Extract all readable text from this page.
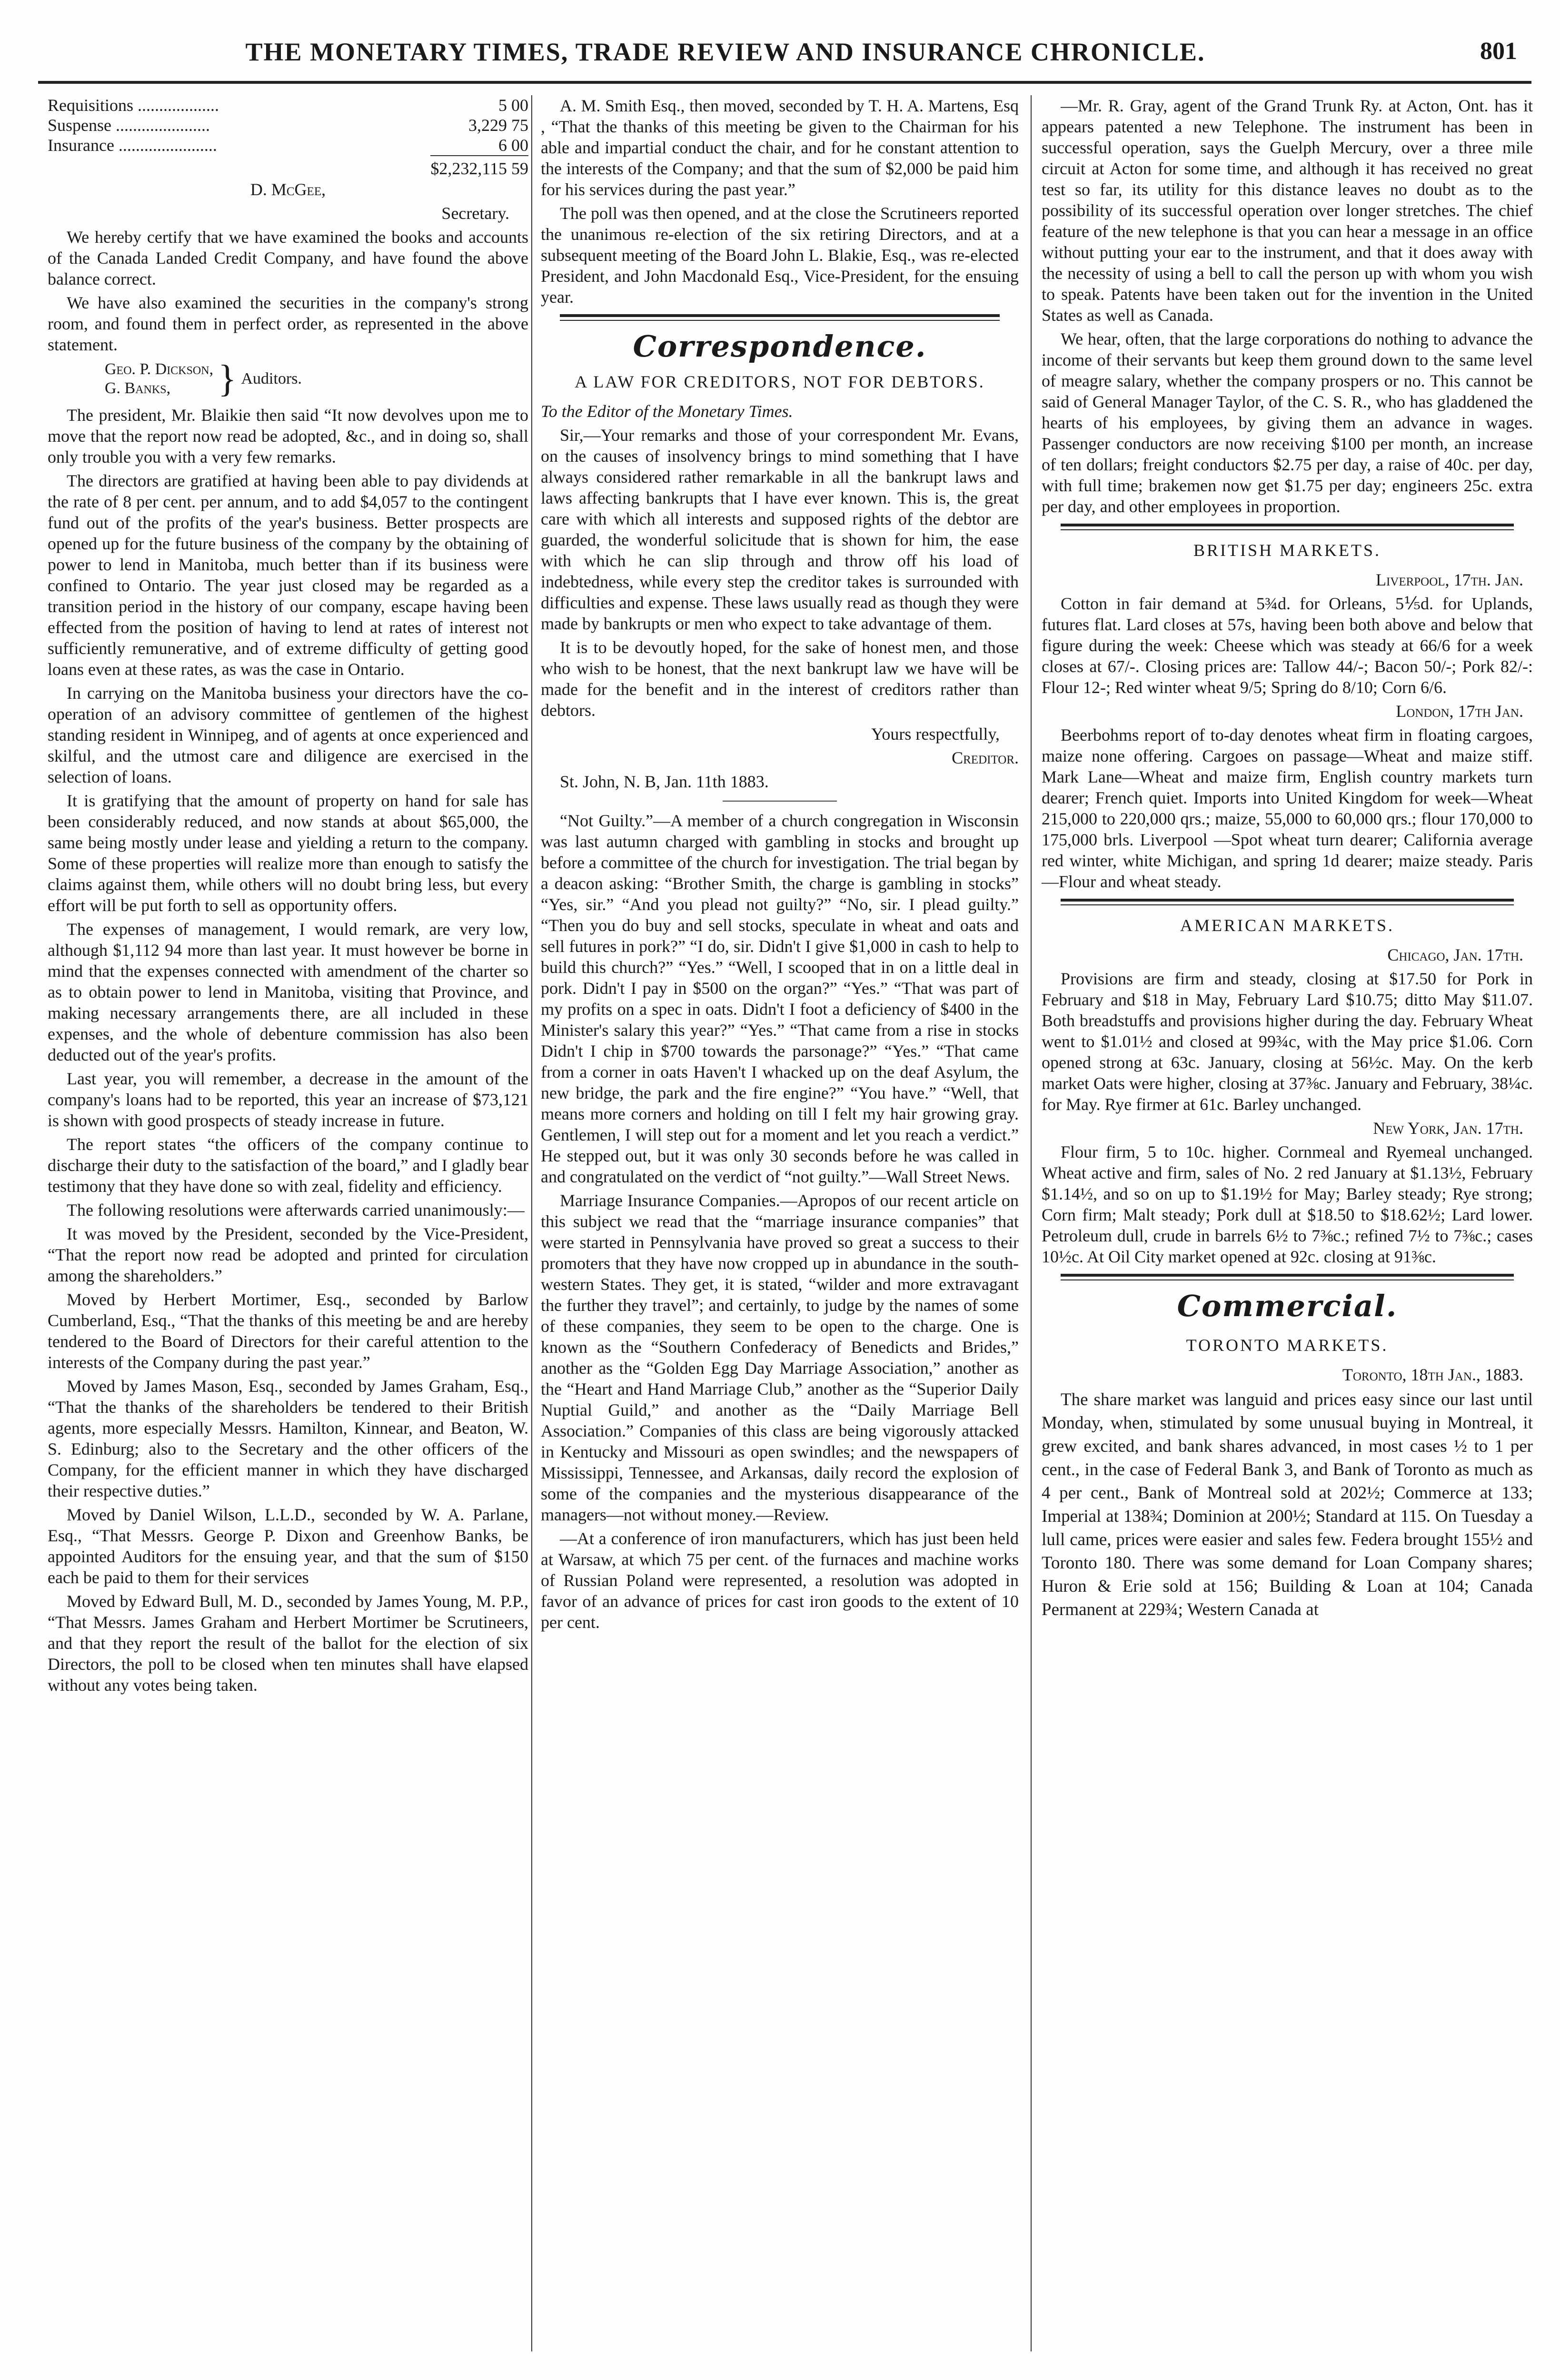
THE MONETARY TIMES, TRADE REVIEW AND INSURANCE CHRONICLE.	801
Requisitions ...................	5 00
Suspense ......................	3,229 75
Insurance .......................	6 00
$2,232,115 59

D. McGee,

Secretary.

We hereby certify that we have examined the books and accounts of the Canada Landed Credit Company, and have found the above balance correct.

We have also examined the securities in the company's strong room, and found them in perfect order, as represented in the above statement.

Geo. P. Dickson,
G. Banks,	} Auditors.

The president, Mr. Blaikie then said “It now devolves upon me to move that the report now read be adopted, &c., and in doing so, shall only trouble you with a very few remarks.

The directors are gratified at having been able to pay dividends at the rate of 8 per cent. per annum, and to add $4,057 to the contingent fund out of the profits of the year's business. Better prospects are opened up for the future business of the company by the obtaining of power to lend in Manitoba, much better than if its business were confined to Ontario. The year just closed may be regarded as a transition period in the history of our company, escape having been effected from the position of having to lend at rates of interest not sufficiently remunerative, and of extreme difficulty of getting good loans even at these rates, as was the case in Ontario.

In carrying on the Manitoba business your directors have the co-operation of an advisory committee of gentlemen of the highest standing resident in Winnipeg, and of agents at once experienced and skilful, and the utmost care and diligence are exercised in the selection of loans.

It is gratifying that the amount of property on hand for sale has been considerably reduced, and now stands at about $65,000, the same being mostly under lease and yielding a return to the company. Some of these properties will realize more than enough to satisfy the claims against them, while others will no doubt bring less, but every effort will be put forth to sell as opportunity offers.

The expenses of management, I would remark, are very low, although $1,112 94 more than last year. It must however be borne in mind that the expenses connected with amendment of the charter so as to obtain power to lend in Manitoba, visiting that Province, and making necessary arrangements there, are all included in these expenses, and the whole of debenture commission has also been deducted out of the year's profits.

Last year, you will remember, a decrease in the amount of the company's loans had to be reported, this year an increase of $73,121 is shown with good prospects of steady increase in future.

The report states “the officers of the company continue to discharge their duty to the satisfaction of the board,” and I gladly bear testimony that they have done so with zeal, fidelity and efficiency.

The following resolutions were afterwards carried unanimously:—

It was moved by the President, seconded by the Vice-President, “That the report now read be adopted and printed for circulation among the shareholders.”

Moved by Herbert Mortimer, Esq., seconded by Barlow Cumberland, Esq., “That the thanks of this meeting be and are hereby tendered to the Board of Directors for their careful attention to the interests of the Company during the past year.”

Moved by James Mason, Esq., seconded by James Graham, Esq., “That the thanks of the shareholders be tendered to their British agents, more especially Messrs. Hamilton, Kinnear, and Beaton, W. S. Edinburg; also to the Secretary and the other officers of the Company, for the efficient manner in which they have discharged their respective duties.”

Moved by Daniel Wilson, L.L.D., seconded by W. A. Parlane, Esq., “That Messrs. George P. Dixon and Greenhow Banks, be appointed Auditors for the ensuing year, and that the sum of $150 each be paid to them for their services

Moved by Edward Bull, M. D., seconded by James Young, M. P.P., “That Messrs. James Graham and Herbert Mortimer be Scrutineers, and that they report the result of the ballot for the election of six Directors, the poll to be closed when ten minutes shall have elapsed without any votes being taken.

A. M. Smith Esq., then moved, seconded by T. H. A. Martens, Esq , “That the thanks of this meeting be given to the Chairman for his able and impartial conduct the chair, and for he constant attention to the interests of the Company; and that the sum of $2,000 be paid him for his services during the past year.”

The poll was then opened, and at the close the Scrutineers reported the unanimous re-election of the six retiring Directors, and at a subsequent meeting of the Board John L. Blakie, Esq., was re-elected President, and John Macdonald Esq., Vice-President, for the ensuing year.

Correspondence.
A LAW FOR CREDITORS, NOT FOR DEBTORS.

To the Editor of the Monetary Times.

Sir,—Your remarks and those of your correspondent Mr. Evans, on the causes of insolvency brings to mind something that I have always considered rather remarkable in all the bankrupt laws and laws affecting bankrupts that I have ever known. This is, the great care with which all interests and supposed rights of the debtor are guarded, the wonderful solicitude that is shown for him, the ease with which he can slip through and throw off his load of indebtedness, while every step the creditor takes is surrounded with difficulties and expense. These laws usually read as though they were made by bankrupts or men who expect to take advantage of them.

It is to be devoutly hoped, for the sake of honest men, and those who wish to be honest, that the next bankrupt law we have will be made for the benefit and in the interest of creditors rather than debtors.

Yours respectfully,

Creditor.

St. John, N. B, Jan. 11th 1883.

“Not Guilty.”—A member of a church congregation in Wisconsin was last autumn charged with gambling in stocks and brought up before a committee of the church for investigation. The trial began by a deacon asking: “Brother Smith, the charge is gambling in stocks” “Yes, sir.” “And you plead not guilty?” “No, sir. I plead guilty.” “Then you do buy and sell stocks, speculate in wheat and oats and sell futures in pork?” “I do, sir. Didn't I give $1,000 in cash to help to build this church?” “Yes.” “Well, I scooped that in on a little deal in pork. Didn't I pay in $500 on the organ?” “Yes.” “That was part of my profits on a spec in oats. Didn't I foot a deficiency of $400 in the Minister's salary this year?” “Yes.” “That came from a rise in stocks Didn't I chip in $700 towards the parsonage?” “Yes.” “That came from a corner in oats Haven't I whacked up on the deaf Asylum, the new bridge, the park and the fire engine?” “You have.” “Well, that means more corners and holding on till I felt my hair growing gray. Gentlemen, I will step out for a moment and let you reach a verdict.” He stepped out, but it was only 30 seconds before he was called in and congratulated on the verdict of “not guilty.”—Wall Street News.

Marriage Insurance Companies.—Apropos of our recent article on this subject we read that the “marriage insurance companies” that were started in Pennsylvania have proved so great a success to their promoters that they have now cropped up in abundance in the south-western States. They get, it is stated, “wilder and more extravagant the further they travel”; and certainly, to judge by the names of some of these companies, they seem to be open to the charge. One is known as the “Southern Confederacy of Benedicts and Brides,” another as the “Golden Egg Day Marriage Association,” another as the “Heart and Hand Marriage Club,” another as the “Superior Daily Nuptial Guild,” and another as the “Daily Marriage Bell Association.” Companies of this class are being vigorously attacked in Kentucky and Missouri as open swindles; and the newspapers of Mississippi, Tennessee, and Arkansas, daily record the explosion of some of the companies and the mysterious disappearance of the managers—not without money.—Review.

—At a conference of iron manufacturers, which has just been held at Warsaw, at which 75 per cent. of the furnaces and machine works of Russian Poland were represented, a resolution was adopted in favor of an advance of prices for cast iron goods to the extent of 10 per cent.

—Mr. R. Gray, agent of the Grand Trunk Ry. at Acton, Ont. has it appears patented a new Telephone. The instrument has been in successful operation, says the Guelph Mercury, over a three mile circuit at Acton for some time, and although it has received no great test so far, its utility for this distance leaves no doubt as to the possibility of its successful operation over longer stretches. The chief feature of the new telephone is that you can hear a message in an office without putting your ear to the instrument, and that it does away with the necessity of using a bell to call the person up with whom you wish to speak. Patents have been taken out for the invention in the United States as well as Canada.

We hear, often, that the large corporations do nothing to advance the income of their servants but keep them ground down to the same level of meagre salary, whether the company prospers or no. This cannot be said of General Manager Taylor, of the C. S. R., who has gladdened the hearts of his employees, by giving them an advance in wages. Passenger conductors are now receiving $100 per month, an increase of ten dollars; freight conductors $2.75 per day, a raise of 40c. per day, with full time; brakemen now get $1.75 per day; engineers 25c. extra per day, and other employees in proportion.

BRITISH MARKETS.

Liverpool, 17th. Jan.

Cotton in fair demand at 5¾d. for Orleans, 5⅕d. for Uplands, futures flat. Lard closes at 57s, having been both above and below that figure during the week: Cheese which was steady at 66/6 for a week closes at 67/-. Closing prices are: Tallow 44/-; Bacon 50/-; Pork 82/-: Flour 12-; Red winter wheat 9/5; Spring do 8/10; Corn 6/6.

London, 17th Jan.

Beerbohms report of to-day denotes wheat firm in floating cargoes, maize none offering. Cargoes on passage—Wheat and maize stiff. Mark Lane—Wheat and maize firm, English country markets turn dearer; French quiet. Imports into United Kingdom for week—Wheat 215,000 to 220,000 qrs.; maize, 55,000 to 60,000 qrs.; flour 170,000 to 175,000 brls. Liverpool —Spot wheat turn dearer; California average red winter, white Michigan, and spring 1d dearer; maize steady. Paris—Flour and wheat steady.

AMERICAN MARKETS.

Chicago, Jan. 17th.

Provisions are firm and steady, closing at $17.50 for Pork in February and $18 in May, February Lard $10.75; ditto May $11.07. Both breadstuffs and provisions higher during the day. February Wheat went to $1.01½ and closed at 99¾c, with the May price $1.06. Corn opened strong at 63c. January, closing at 56½c. May. On the kerb market Oats were higher, closing at 37⅜c. January and February, 38¼c. for May. Rye firmer at 61c. Barley unchanged.

New York, Jan. 17th.

Flour firm, 5 to 10c. higher. Cornmeal and Ryemeal unchanged. Wheat active and firm, sales of No. 2 red January at $1.13½, February $1.14½, and so on up to $1.19½ for May; Barley steady; Rye strong; Corn firm; Malt steady; Pork dull at $18.50 to $18.62½; Lard lower. Petroleum dull, crude in barrels 6½ to 7⅜c.; refined 7½ to 7⅜c.; cases 10½c. At Oil City market opened at 92c. closing at 91⅜c.

Commercial.
TORONTO MARKETS.

Toronto, 18th Jan., 1883.

The share market was languid and prices easy since our last until Monday, when, stimulated by some unusual buying in Montreal, it grew excited, and bank shares advanced, in most cases ½ to 1 per cent., in the case of Federal Bank 3, and Bank of Toronto as much as 4 per cent., Bank of Montreal sold at 202½; Commerce at 133; Imperial at 138¾; Dominion at 200½; Standard at 115. On Tuesday a lull came, prices were easier and sales few. Federa brought 155½ and Toronto 180. There was some demand for Loan Company shares; Huron & Erie sold at 156; Building & Loan at 104; Canada Permanent at 229¾; Western Canada at
